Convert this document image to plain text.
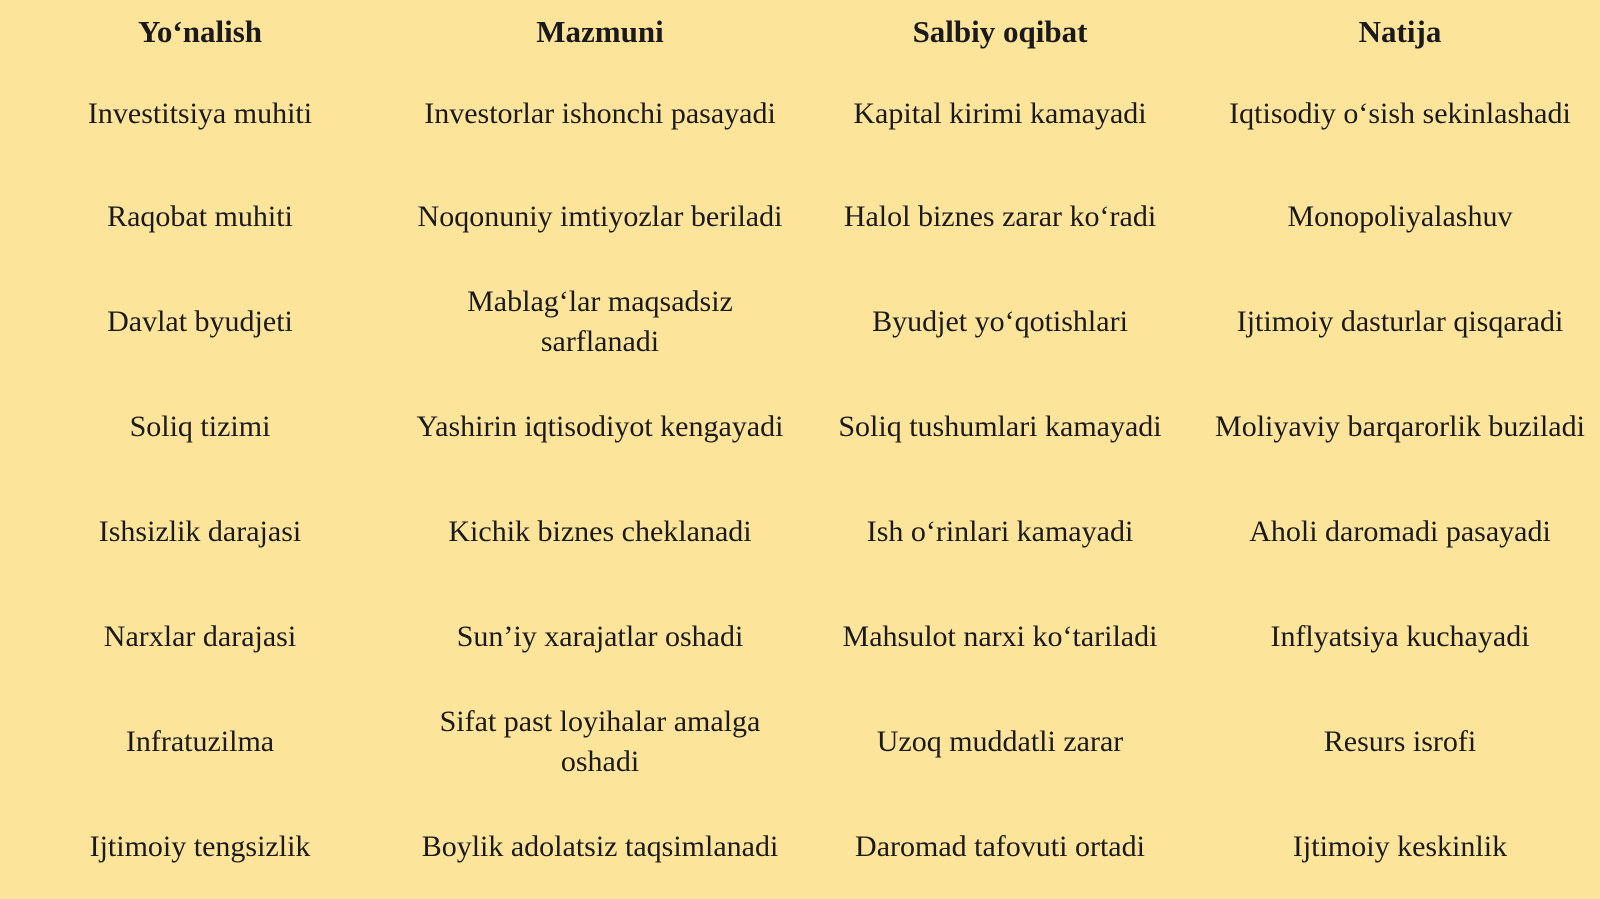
Yo‘nalish	Mazmuni	Salbiy oqibat	Natija
Investitsiya muhiti	Investorlar ishonchi pasayadi	Kapital kirimi kamayadi	Iqtisodiy o‘sish sekinlashadi
Raqobat muhiti	Noqonuniy imtiyozlar beriladi	Halol biznes zarar ko‘radi	Monopoliyalashuv
Davlat byudjeti	Mablag‘lar maqsadsiz sarflanadi	Byudjet yo‘qotishlari	Ijtimoiy dasturlar qisqaradi
Soliq tizimi	Yashirin iqtisodiyot kengayadi	Soliq tushumlari kamayadi	Moliyaviy barqarorlik buziladi
Ishsizlik darajasi	Kichik biznes cheklanadi	Ish o‘rinlari kamayadi	Aholi daromadi pasayadi
Narxlar darajasi	Sun’iy xarajatlar oshadi	Mahsulot narxi ko‘tariladi	Inflyatsiya kuchayadi
Infratuzilma	Sifat past loyihalar amalga oshadi	Uzoq muddatli zarar	Resurs isrofi
Ijtimoiy tengsizlik	Boylik adolatsiz taqsimlanadi	Daromad tafovuti ortadi	Ijtimoiy keskinlik
